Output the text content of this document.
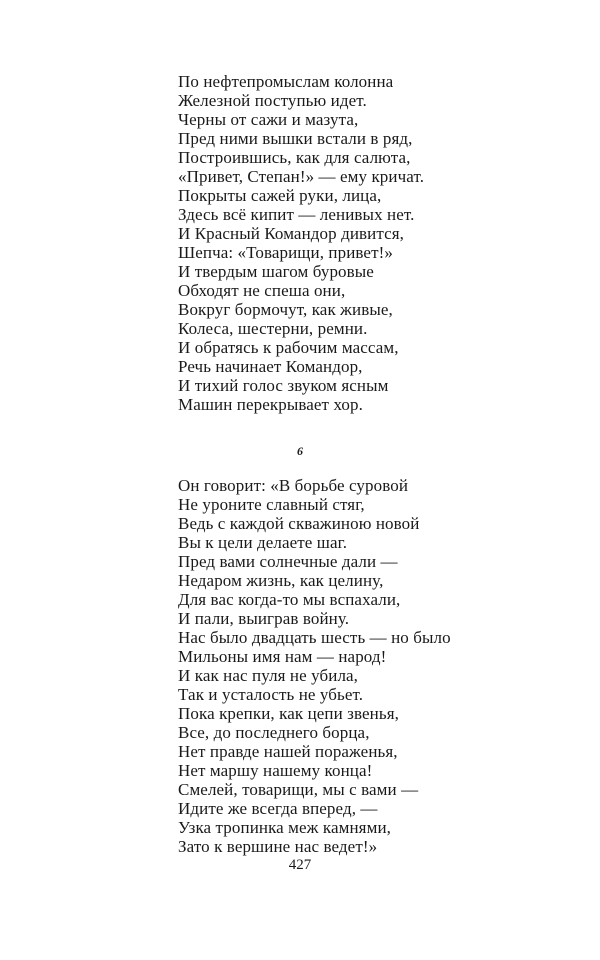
По нефтепромыслам колонна
Железной поступью идет.
Черны от сажи и мазута,
Пред ними вышки встали в ряд,
Построившись, как для салюта,
«Привет, Степан!» — ему кричат.
Покрыты сажей руки, лица,
Здесь всё кипит — ленивых нет.
И Красный Командор дивится,
Шепча: «Товарищи, привет!»
И твердым шагом буровые
Обходят не спеша они,
Вокруг бормочут, как живые,
Колеса, шестерни, ремни.
И обратясь к рабочим массам,
Речь начинает Командор,
И тихий голос звуком ясным
Машин перекрывает хор.
6
Он говорит: «В борьбе суровой
Не уроните славный стяг,
Ведь с каждой скважиною новой
Вы к цели делаете шаг.
Пред вами солнечные дали —
Недаром жизнь, как целину,
Для вас когда-то мы вспахали,
И пали, выиграв войну.
Нас было двадцать шесть — но было
Мильоны имя нам — народ!
И как нас пуля не убила,
Так и усталость не убьет.
Пока крепки, как цепи звенья,
Все, до последнего борца,
Нет правде нашей пораженья,
Нет маршу нашему конца!
Смелей, товарищи, мы с вами —
Идите же всегда вперед, —
Узка тропинка меж камнями,
Зато к вершине нас ведет!»
427
